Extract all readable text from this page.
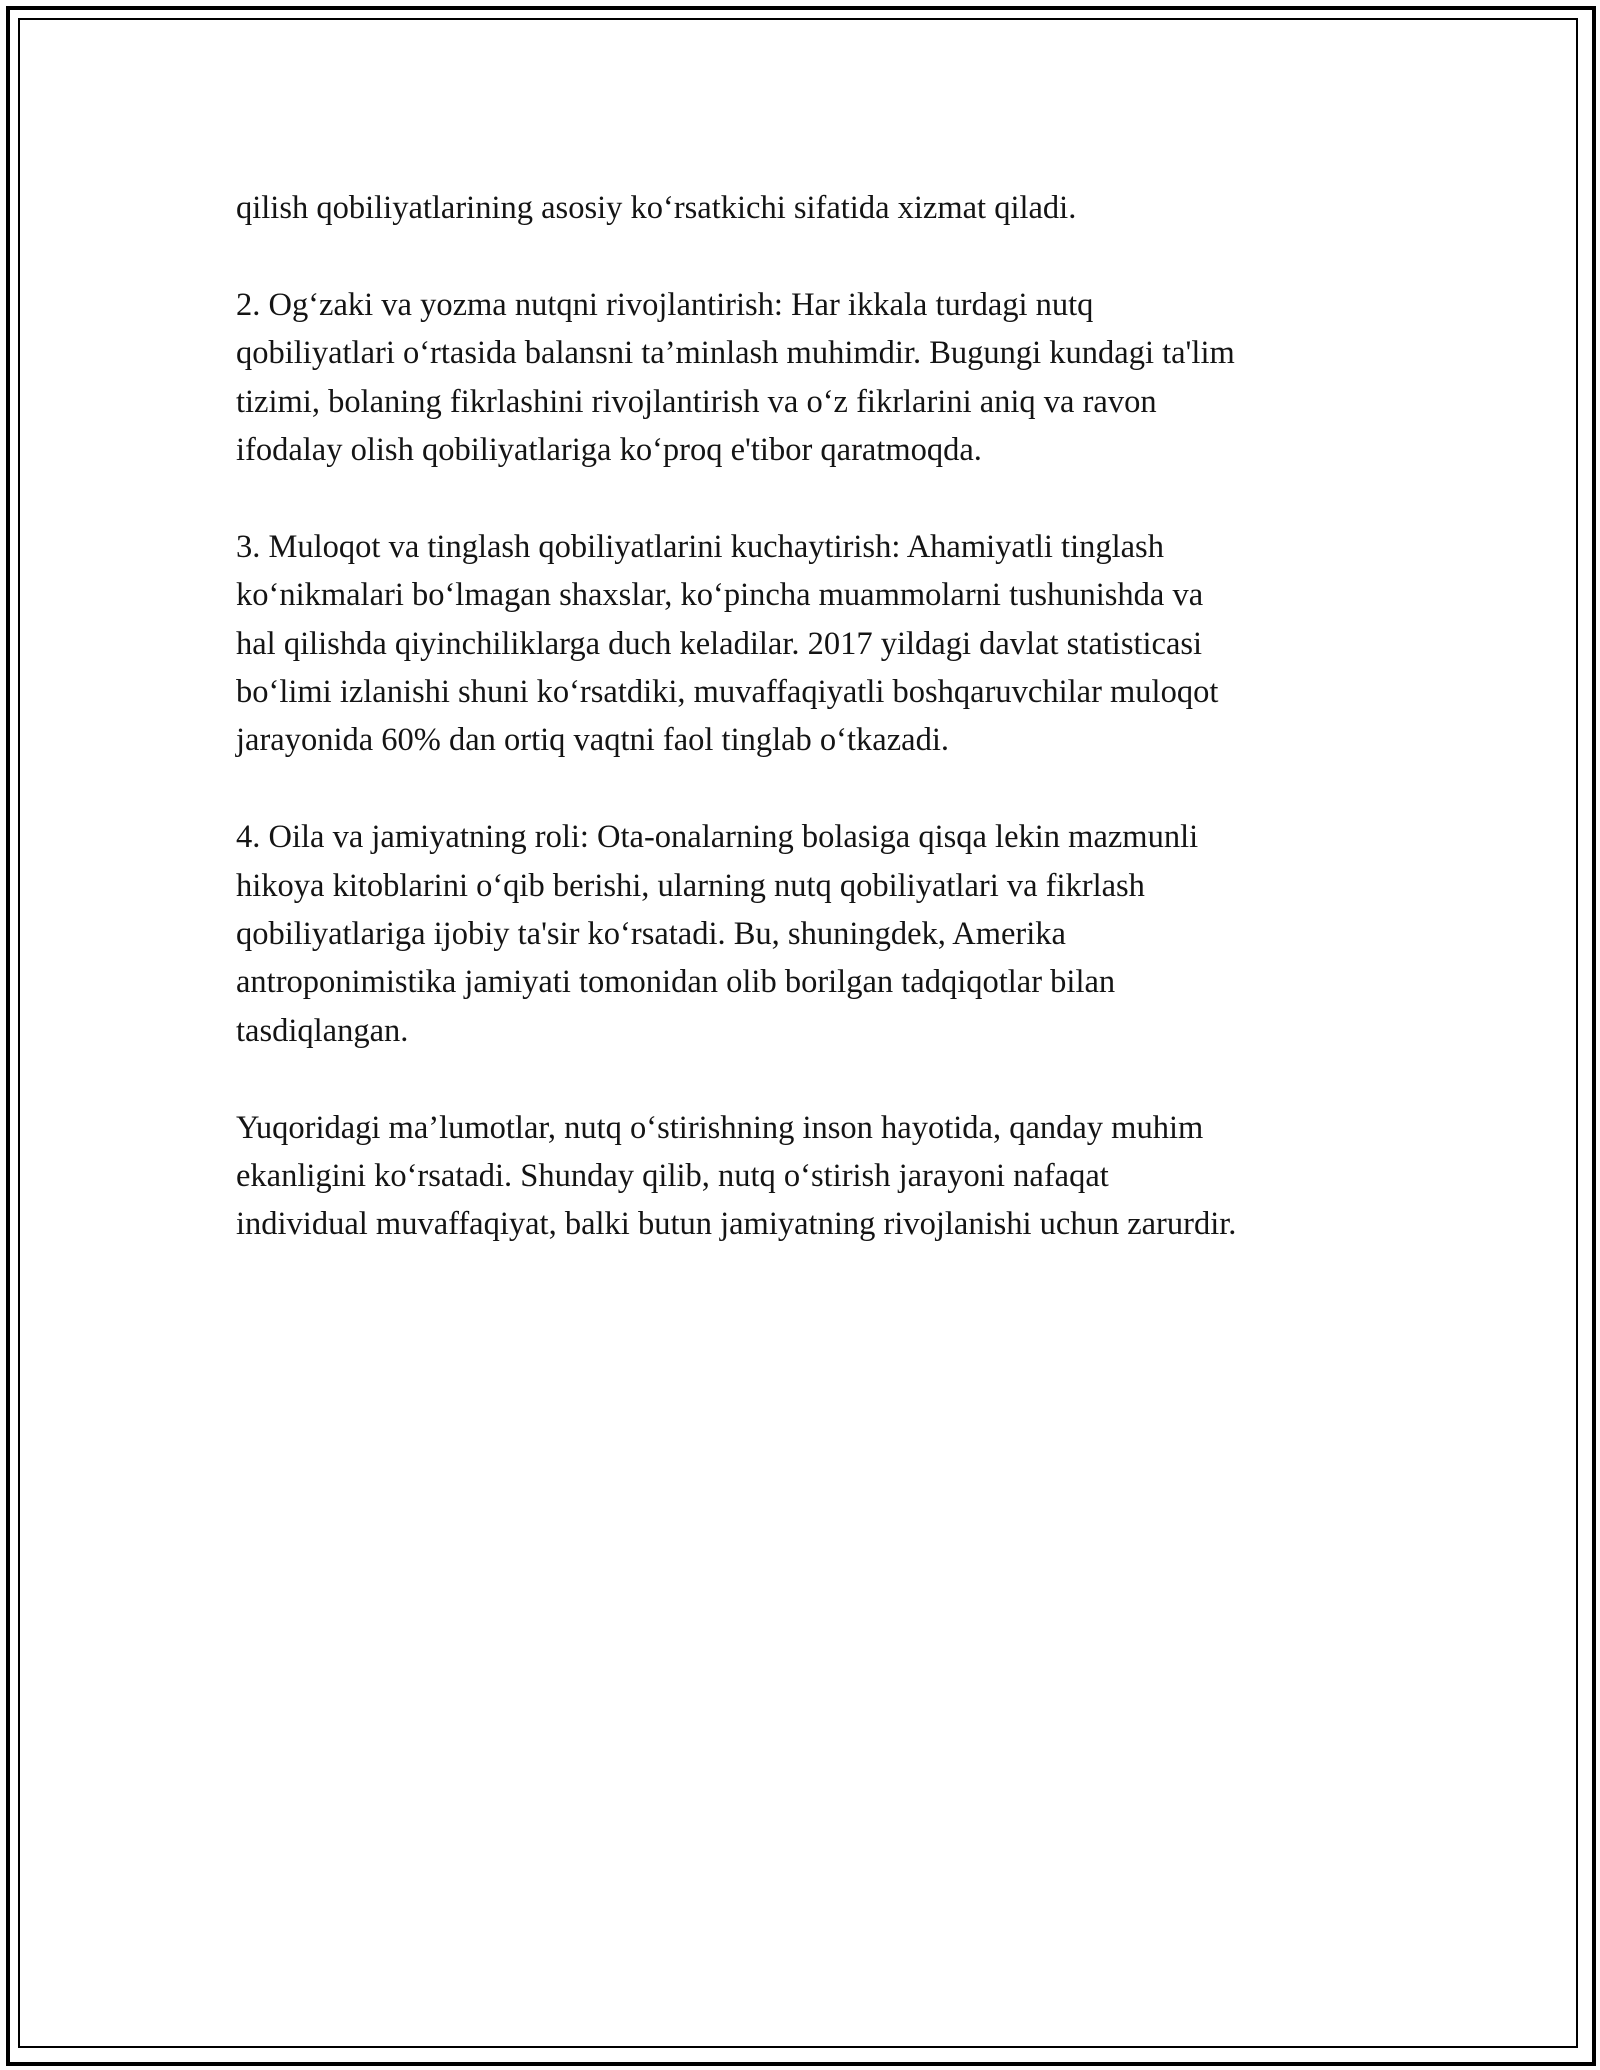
qilish qobiliyatlarining asosiy ko‘rsatkichi sifatida xizmat qiladi.

2. Og‘zaki va yozma nutqni rivojlantirish: Har ikkala turdagi nutq
qobiliyatlari o‘rtasida balansni ta’minlash muhimdir. Bugungi kundagi ta'lim
tizimi, bolaning fikrlashini rivojlantirish va o‘z fikrlarini aniq va ravon
ifodalay olish qobiliyatlariga ko‘proq e'tibor qaratmoqda.

3. Muloqot va tinglash qobiliyatlarini kuchaytirish: Ahamiyatli tinglash
ko‘nikmalari bo‘lmagan shaxslar, ko‘pincha muammolarni tushunishda va
hal qilishda qiyinchiliklarga duch keladilar. 2017 yildagi davlat statisticasi
bo‘limi izlanishi shuni ko‘rsatdiki, muvaffaqiyatli boshqaruvchilar muloqot
jarayonida 60% dan ortiq vaqtni faol tinglab o‘tkazadi.

4. Oila va jamiyatning roli: Ota-onalarning bolasiga qisqa lekin mazmunli
hikoya kitoblarini o‘qib berishi, ularning nutq qobiliyatlari va fikrlash
qobiliyatlariga ijobiy ta'sir ko‘rsatadi. Bu, shuningdek, Amerika
antroponimistika jamiyati tomonidan olib borilgan tadqiqotlar bilan
tasdiqlangan.

Yuqoridagi ma’lumotlar, nutq o‘stirishning inson hayotida, qanday muhim
ekanligini ko‘rsatadi. Shunday qilib, nutq o‘stirish jarayoni nafaqat
individual muvaffaqiyat, balki butun jamiyatning rivojlanishi uchun zarurdir.
